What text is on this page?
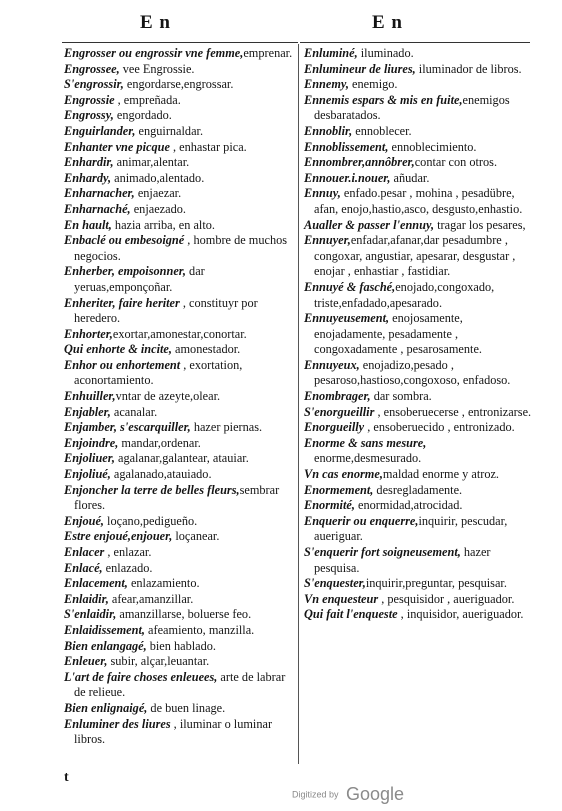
E n	E n

Engrosser ou engrossir vne femme,emprenar.

Engrossee, vee Engrossie.

S'engrossir, engordarse,engrossar.

Engrossie , empreñada.

Engrossy, engordado.

Enguirlander, enguirnaldar.

Enhanter vne picque , enhastar pica.

Enhardir, animar,alentar.

Enhardy, animado,alentado.

Enharnacher, enjaezar.

Enharnaché, enjaezado.

En hault, hazia arriba, en alto.

Enbaclé ou embesoigné , hombre de muchos negocios.

Enherber, empoisonner, dar yeruas,emponçoñar.

Enheriter, faire heriter , constituyr por heredero.

Enhorter,exortar,amonestar,conortar.

Qui enhorte & incite, amonestador.

Enhor ou enhortement , exortation, aconortamiento.

Enhuiller,vntar de azeyte,olear.

Enjabler, acanalar.

Enjamber, s'escarquiller, hazer piernas.

Enjoindre, mandar,ordenar.

Enjoliuer, agalanar,galantear, atauiar.

Enjoliué, agalanado,atauiado.

Enjoncher la terre de belles fleurs,sembrar flores.

Enjoué, loçano,pedigueño.

Estre enjoué,enjouer, loçanear.

Enlacer , enlazar.

Enlacé, enlazado.

Enlacement, enlazamiento.

Enlaidir, afear,amanzillar.

S'enlaidir, amanzillarse, boluerse feo.

Enlaidissement, afeamiento, manzilla.

Bien enlangagé, bien hablado.

Enleuer, subir, alçar,leuantar.

L'art de faire choses enleuees, arte de labrar de relieue.

Bien enlignaigé, de buen linage.

Enluminer des liures , iluminar o luminar libros.

Enluminé, iluminado.

Enlumineur de liures, iluminador de libros.

Ennemy, enemigo.

Ennemis espars & mis en fuite,enemigos desbaratados.

Ennoblir, ennoblecer.

Ennoblissement, ennoblecimiento.

Ennombrer,annôbrer,contar con otros.

Ennouer.i.nouer, añudar.

Ennuy, enfado.pesar , mohina , pesadübre, afan, enojo,hastio,asco, desgusto,enhastio.

Aualler & passer l'ennuy, tragar los pesares,

Ennuyer,enfadar,afanar,dar pesadumbre , congoxar, angustiar, apesarar, desgustar , enojar , enhastiar , fastidiar.

Ennuyé & fasché,enojado,congoxado, triste,enfadado,apesarado.

Ennuyeusement, enojosamente, enojadamente, pesadamente , congoxadamente , pesarosamente.

Ennuyeux, enojadizo,pesado , pesaroso,hastioso,congoxoso, enfadoso.

Enombrager, dar sombra.

S'enorgueillir , ensoberuecerse , entronizarse.

Enorgueilly , ensoberuecido , entronizado.

Enorme & sans mesure, enorme,desmesurado.

Vn cas enorme,maldad enorme y atroz.

Enormement, desregladamente.

Enormité, enormidad,atrocidad.

Enquerir ou enquerre,inquirir, pescudar, aueriguar.

S'enquerir fort soigneusement, hazer pesquisa.

S'enquester,inquirir,preguntar, pesquisar.

Vn enquesteur , pesquisidor , aueriguador.

Qui fait l'enqueste , inquisidor, aueriguador.

t
Digitized by Google
